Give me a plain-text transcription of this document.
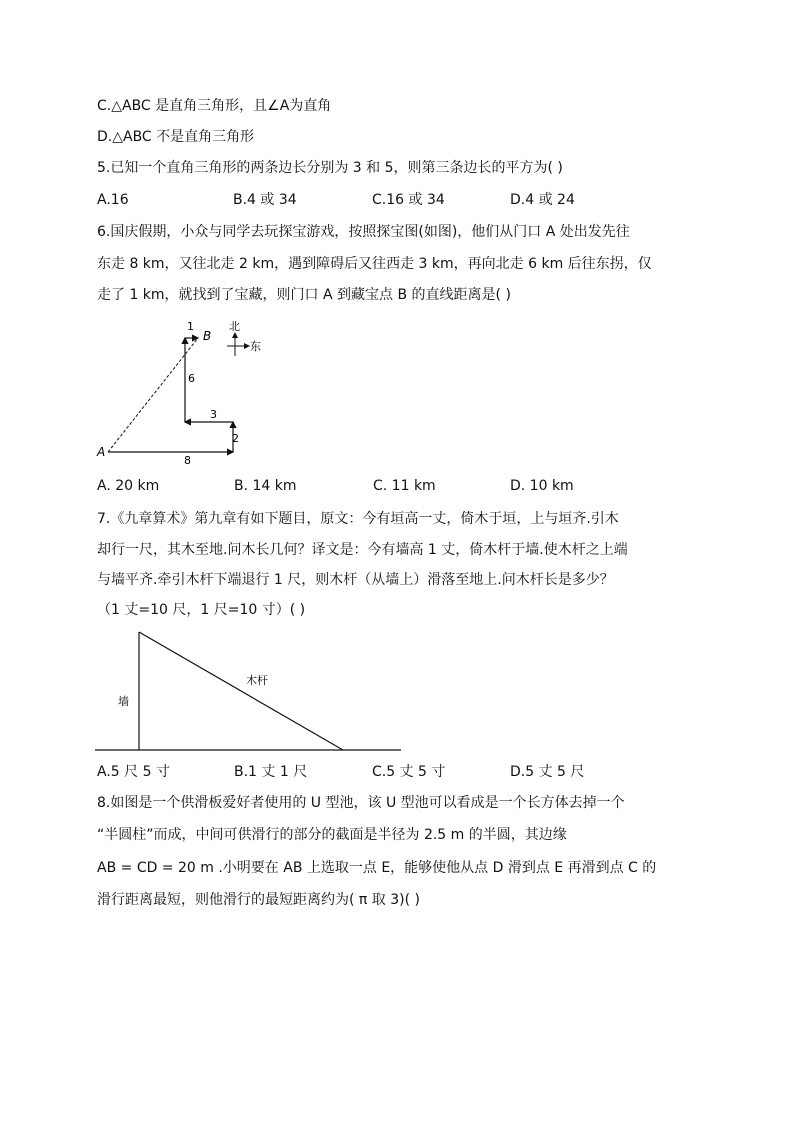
C.△ABC 是直角三角形，且∠A为直角
D.△ABC 不是直角三角形
5.已知一个直角三角形的两条边长分别为 3 和 5，则第三条边长的平方为( )
A.16	B.4 或 34	C.16 或 34	D.4 或 24
6.国庆假期，小众与同学去玩探宝游戏，按照探宝图(如图)，他们从门口 A 处出发先往
东走 8 km，又往北走 2 km，遇到障碍后又往西走 3 km，再向北走 6 km 后往东拐，仅
走了 1 km，就找到了宝藏，则门口 A 到藏宝点 B 的直线距离是( )
A
B
8
2
3
6
1	北
东
A. 20 km	B. 14 km	C. 11 km	D. 10 km
7.《九章算术》第九章有如下题目，原文：今有垣高一丈，倚木于垣，上与垣齐.引木
却行一尺，其木至地.问木长几何？译文是：今有墙高 1 丈，倚木杆于墙.使木杆之上端
与墙平齐.牵引木杆下端退行 1 尺，则木杆（从墙上）滑落至地上.问木杆长是多少？
（1 丈=10 尺，1 尺=10 寸）( )
墙
木杆
A.5 尺 5 寸	B.1 丈 1 尺	C.5 丈 5 寸	D.5 丈 5 尺
8.如图是一个供滑板爱好者使用的 U 型池，该 U 型池可以看成是一个长方体去掉一个
“半圆柱”而成，中间可供滑行的部分的截面是半径为 2.5 m 的半圆，其边缘
AB = CD = 20 m .小明要在 AB 上选取一点 E，能够使他从点 D 滑到点 E 再滑到点 C 的
滑行距离最短，则他滑行的最短距离约为( π 取 3)( )
